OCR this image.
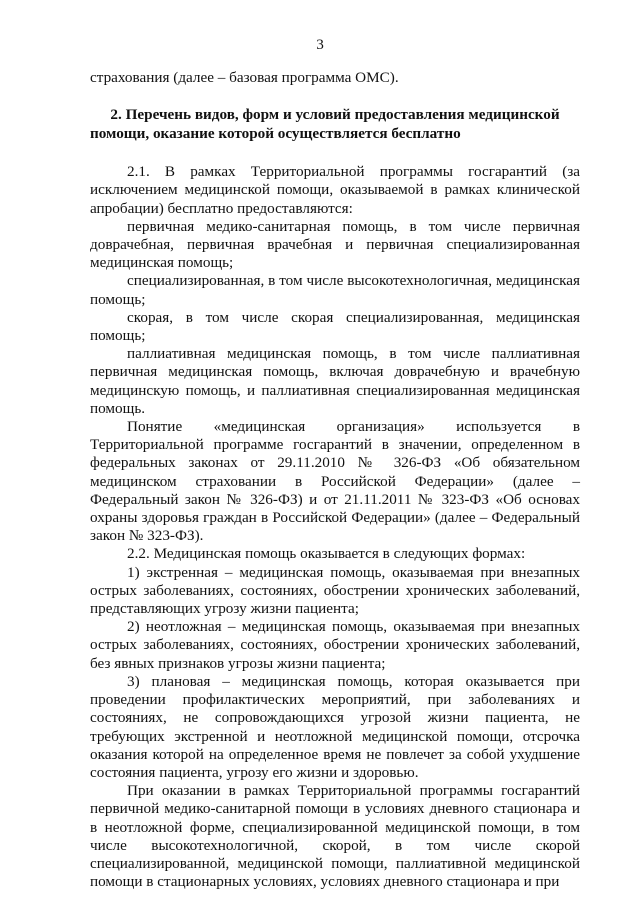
3

страхования (далее – базовая программа ОМС).

2. Перечень видов, форм и условий предоставления медицинской помощи, оказание которой осуществляется бесплатно

2.1. В рамках Территориальной программы госгарантий (за исключением медицинской помощи, оказываемой в рамках клинической апробации) бесплатно предоставляются:

первичная медико-санитарная помощь, в том числе первичная доврачебная, первичная врачебная и первичная специализированная медицинская помощь;

специализированная, в том числе высокотехнологичная, медицинская помощь;

скорая, в том числе скорая специализированная, медицинская помощь;

паллиативная медицинская помощь, в том числе паллиативная первичная медицинская помощь, включая доврачебную и врачебную медицинскую помощь, и паллиативная специализированная медицинская помощь.

Понятие «медицинская организация» используется в Территориальной программе госгарантий в значении, определенном в федеральных законах от 29.11.2010 № 326-ФЗ «Об обязательном медицинском страховании в Российской Федерации» (далее – Федеральный закон № 326-ФЗ) и от 21.11.2011 № 323-ФЗ «Об основах охраны здоровья граждан в Российской Федерации» (далее – Федеральный закон № 323-ФЗ).

2.2. Медицинская помощь оказывается в следующих формах:

1) экстренная – медицинская помощь, оказываемая при внезапных острых заболеваниях, состояниях, обострении хронических заболеваний, представляющих угрозу жизни пациента;

2) неотложная – медицинская помощь, оказываемая при внезапных острых заболеваниях, состояниях, обострении хронических заболеваний, без явных признаков угрозы жизни пациента;

3) плановая – медицинская помощь, которая оказывается при проведении профилактических мероприятий, при заболеваниях и состояниях, не сопровождающихся угрозой жизни пациента, не требующих экстренной и неотложной медицинской помощи, отсрочка оказания которой на определенное время не повлечет за собой ухудшение состояния пациента, угрозу его жизни и здоровью.

При оказании в рамках Территориальной программы госгарантий первичной медико-санитарной помощи в условиях дневного стационара и в неотложной форме, специализированной медицинской помощи, в том числе высокотехнологичной, скорой, в том числе скорой специализированной, медицинской помощи, паллиативной медицинской помощи в стационарных условиях, условиях дневного стационара и при
